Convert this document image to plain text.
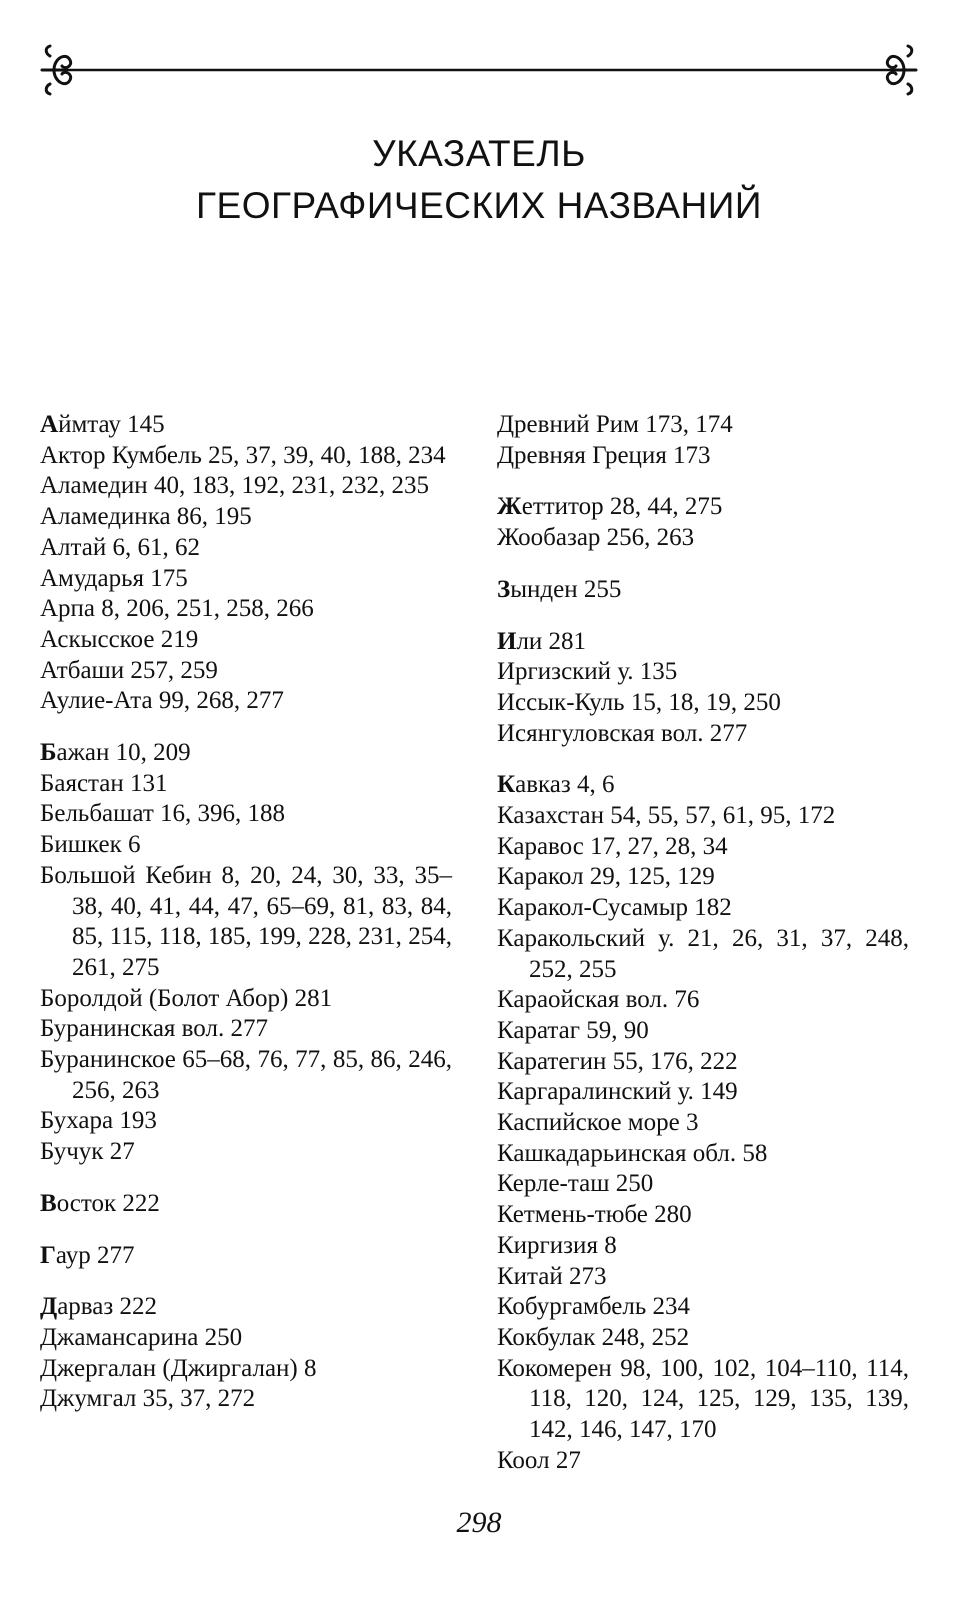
УКАЗАТЕЛЬ
ГЕОГРАФИЧЕСКИХ НАЗВАНИЙ
Аймтау 145
Актор Кумбель 25, 37, 39, 40, 188, 234
Аламедин 40, 183, 192, 231, 232, 235
Аламединка 86, 195
Алтай 6, 61, 62
Амударья 175
Арпа 8, 206, 251, 258, 266
Аскысское 219
Атбаши 257, 259
Аулие-Ата 99, 268, 277
Бажан 10, 209
Баястан 131
Бельбашат 16, 396, 188
Бишкек 6
Большой Кебин 8, 20, 24, 30, 33, 35–38, 40, 41, 44, 47, 65–69, 81, 83, 84, 85, 115, 118, 185, 199, 228, 231, 254, 261, 275
Боролдой (Болот Абор) 281
Буранинская вол. 277
Буранинское 65–68, 76, 77, 85, 86, 246, 256, 263
Бухара 193
Бучук 27
Восток 222
Гаур 277
Дарваз 222
Джамансарина 250
Джергалан (Джиргалан) 8
Джумгал 35, 37, 272
Древний Рим 173, 174
Древняя Греция 173
Жеттитор 28, 44, 275
Жообазар 256, 263
Зынден 255
Или 281
Иргизский у. 135
Иссык-Куль 15, 18, 19, 250
Исянгуловская вол. 277
Кавказ 4, 6
Казахстан 54, 55, 57, 61, 95, 172
Каравос 17, 27, 28, 34
Каракол 29, 125, 129
Каракол-Сусамыр 182
Каракольский у. 21, 26, 31, 37, 248, 252, 255
Караойская вол. 76
Каратаг 59, 90
Каратегин 55, 176, 222
Каргаралинский у. 149
Каспийское море 3
Кашкадарьинская обл. 58
Керле-таш 250
Кетмень-тюбе 280
Киргизия 8
Китай 273
Кобургамбель 234
Кокбулак 248, 252
Кокомерен 98, 100, 102, 104–110, 114, 118, 120, 124, 125, 129, 135, 139, 142, 146, 147, 170
Коол 27
298
